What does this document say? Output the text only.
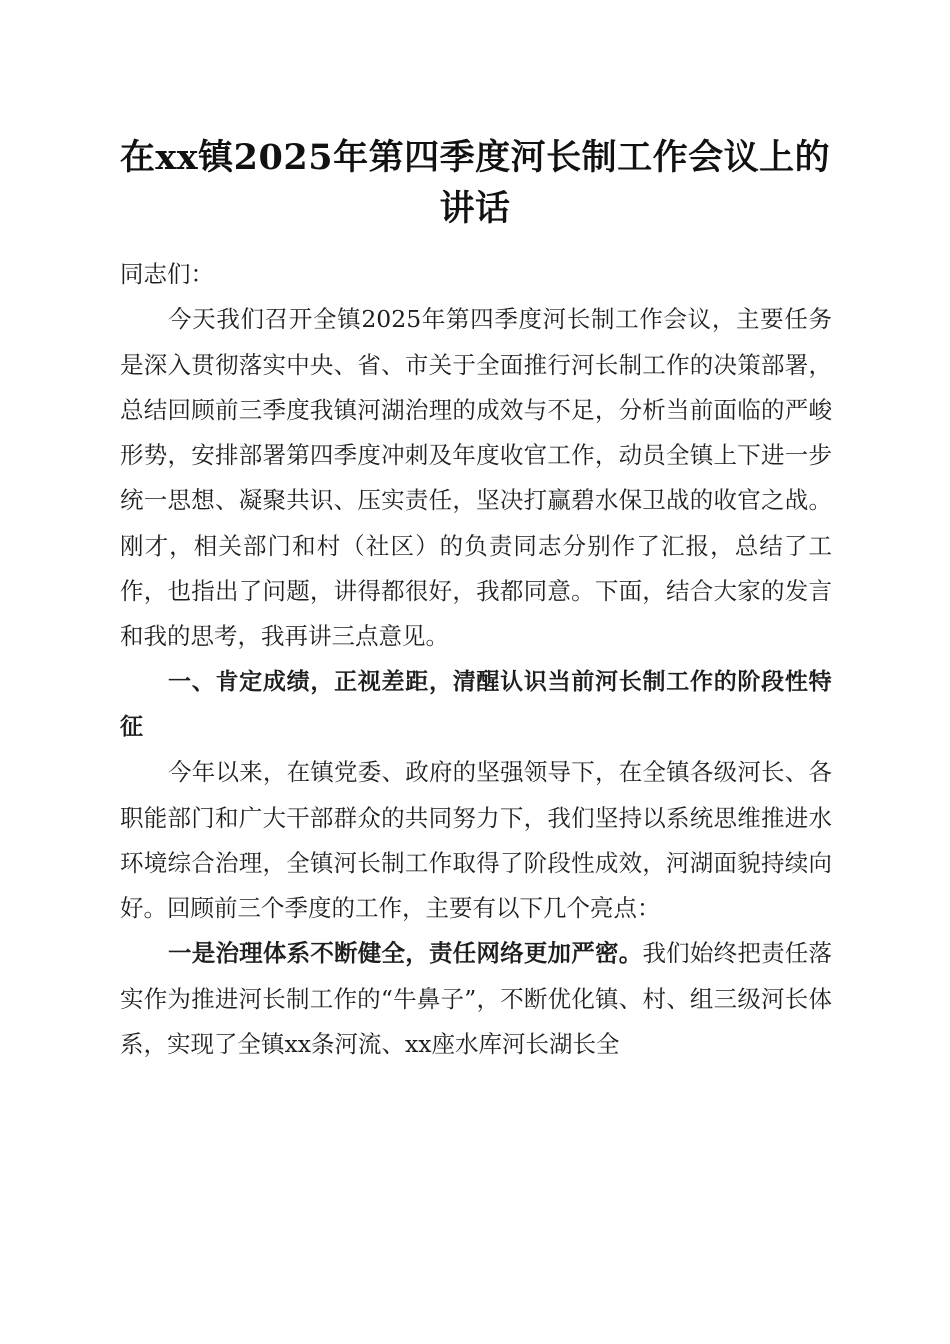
在xx镇2025年第四季度河长制工作会议上的讲话

同志们：

今天我们召开全镇2025年第四季度河长制工作会议，主要任务是深入贯彻落实中央、省、市关于全面推行河长制工作的决策部署，总结回顾前三季度我镇河湖治理的成效与不足，分析当前面临的严峻形势，安排部署第四季度冲刺及年度收官工作，动员全镇上下进一步统一思想、凝聚共识、压实责任，坚决打赢碧水保卫战的收官之战。刚才，相关部门和村（社区）的负责同志分别作了汇报，总结了工作，也指出了问题，讲得都很好，我都同意。下面，结合大家的发言和我的思考，我再讲三点意见。

一、肯定成绩，正视差距，清醒认识当前河长制工作的阶段性特征

今年以来，在镇党委、政府的坚强领导下，在全镇各级河长、各职能部门和广大干部群众的共同努力下，我们坚持以系统思维推进水环境综合治理，全镇河长制工作取得了阶段性成效，河湖面貌持续向好。回顾前三个季度的工作，主要有以下几个亮点：

一是治理体系不断健全，责任网络更加严密。我们始终把责任落实作为推进河长制工作的“牛鼻子”，不断优化镇、村、组三级河长体系，实现了全镇xx条河流、xx座水库河长湖长全
